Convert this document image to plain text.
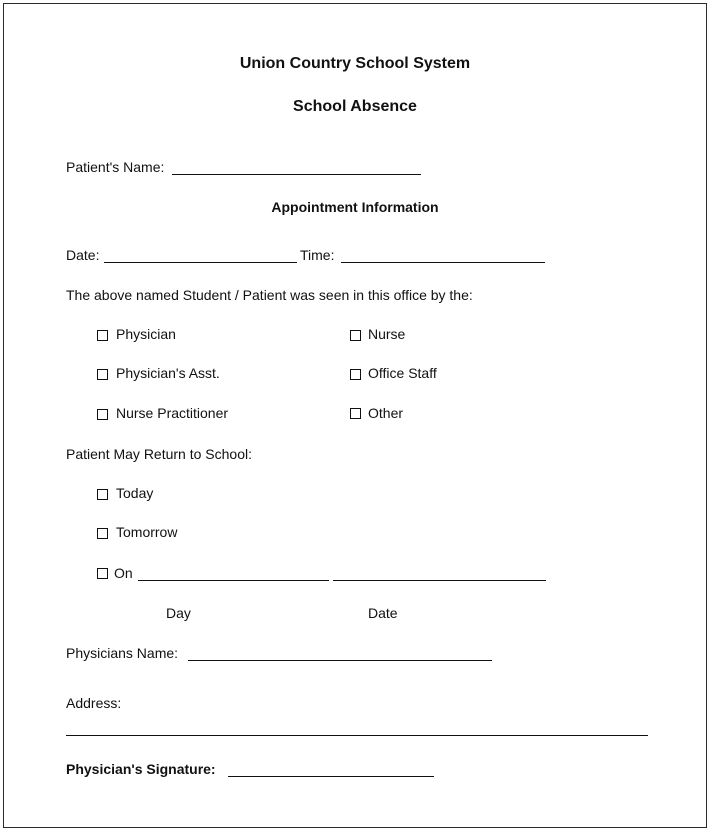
Union Country School System
School Absence
Patient's Name:
Appointment Information
Date:	Time:
The above named Student / Patient was seen in this office by the:
Physician	Nurse
Physician's Asst.	Office Staff
Nurse Practitioner	Other
Patient May Return to School:
Today
Tomorrow
On
Day	Date
Physicians Name:
Address:
Physician's Signature:
